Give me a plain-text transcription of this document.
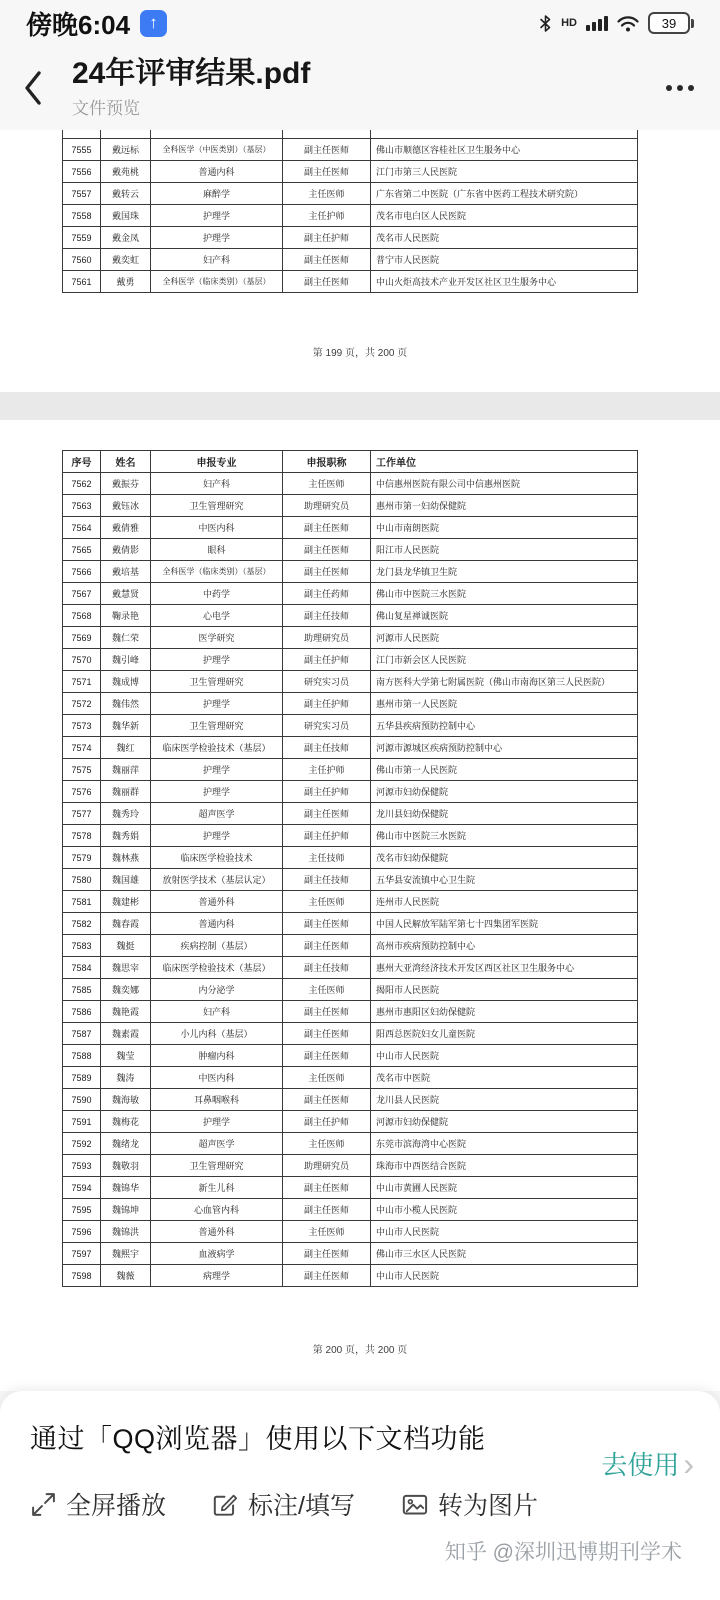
傍晚6:04	↑	HD	39
24年评审结果.pdf
文件预览

7555	戴远标	全科医学（中医类别）（基层）	副主任医师	佛山市顺德区容桂社区卫生服务中心
7556	戴苑桃	普通内科	副主任医师	江门市第三人民医院
7557	戴转云	麻醉学	主任医师	广东省第二中医院（广东省中医药工程技术研究院）
7558	戴国珠	护理学	主任护师	茂名市电白区人民医院
7559	戴金凤	护理学	副主任护师	茂名市人民医院
7560	戴奕虹	妇产科	副主任医师	普宁市人民医院
7561	戴勇	全科医学（临床类别）（基层）	副主任医师	中山火炬高技术产业开发区社区卫生服务中心
第 199 页，共 200 页
序号	姓名	申报专业	申报职称	工作单位
7562	戴振芬	妇产科	主任医师	中信惠州医院有限公司中信惠州医院
7563	戴钰冰	卫生管理研究	助理研究员	惠州市第一妇幼保健院
7564	戴倩雅	中医内科	副主任医师	中山市南朗医院
7565	戴倩影	眼科	副主任医师	阳江市人民医院
7566	戴培基	全科医学（临床类别）（基层）	副主任医师	龙门县龙华镇卫生院
7567	戴慧贤	中药学	副主任药师	佛山市中医院三水医院
7568	鞠录艳	心电学	副主任技师	佛山复星禅诚医院
7569	魏仁荣	医学研究	助理研究员	河源市人民医院
7570	魏引峰	护理学	副主任护师	江门市新会区人民医院
7571	魏成博	卫生管理研究	研究实习员	南方医科大学第七附属医院（佛山市南海区第三人民医院）
7572	魏伟然	护理学	副主任护师	惠州市第一人民医院
7573	魏华新	卫生管理研究	研究实习员	五华县疾病预防控制中心
7574	魏红	临床医学检验技术（基层）	副主任技师	河源市源城区疾病预防控制中心
7575	魏丽萍	护理学	主任护师	佛山市第一人民医院
7576	魏丽群	护理学	副主任护师	河源市妇幼保健院
7577	魏秀玲	超声医学	副主任医师	龙川县妇幼保健院
7578	魏秀娟	护理学	副主任护师	佛山市中医院三水医院
7579	魏林燕	临床医学检验技术	主任技师	茂名市妇幼保健院
7580	魏国雄	放射医学技术（基层认定）	副主任技师	五华县安流镇中心卫生院
7581	魏建彬	普通外科	主任医师	连州市人民医院
7582	魏春霞	普通内科	副主任医师	中国人民解放军陆军第七十四集团军医院
7583	魏挺	疾病控制（基层）	副主任医师	高州市疾病预防控制中心
7584	魏思宰	临床医学检验技术（基层）	副主任技师	惠州大亚湾经济技术开发区西区社区卫生服务中心
7585	魏奕娜	内分泌学	主任医师	揭阳市人民医院
7586	魏艳霞	妇产科	副主任医师	惠州市惠阳区妇幼保健院
7587	魏素霞	小儿内科（基层）	副主任医师	阳西总医院妇女儿童医院
7588	魏莹	肿瘤内科	副主任医师	中山市人民医院
7589	魏涛	中医内科	主任医师	茂名市中医院
7590	魏海敏	耳鼻咽喉科	副主任医师	龙川县人民医院
7591	魏梅花	护理学	副主任护师	河源市妇幼保健院
7592	魏绪龙	超声医学	主任医师	东莞市滨海湾中心医院
7593	魏敬羽	卫生管理研究	助理研究员	珠海市中西医结合医院
7594	魏锦华	新生儿科	副主任医师	中山市黄圃人民医院
7595	魏锦坤	心血管内科	副主任医师	中山市小榄人民医院
7596	魏锦洪	普通外科	主任医师	中山市人民医院
7597	魏熙宇	血液病学	副主任医师	佛山市三水区人民医院
7598	魏薇	病理学	副主任医师	中山市人民医院
第 200 页，共 200 页
通过「QQ浏览器」使用以下文档功能
去使用 ›
全屏播放	标注/填写	转为图片
知乎 @深圳迅博期刊学术
